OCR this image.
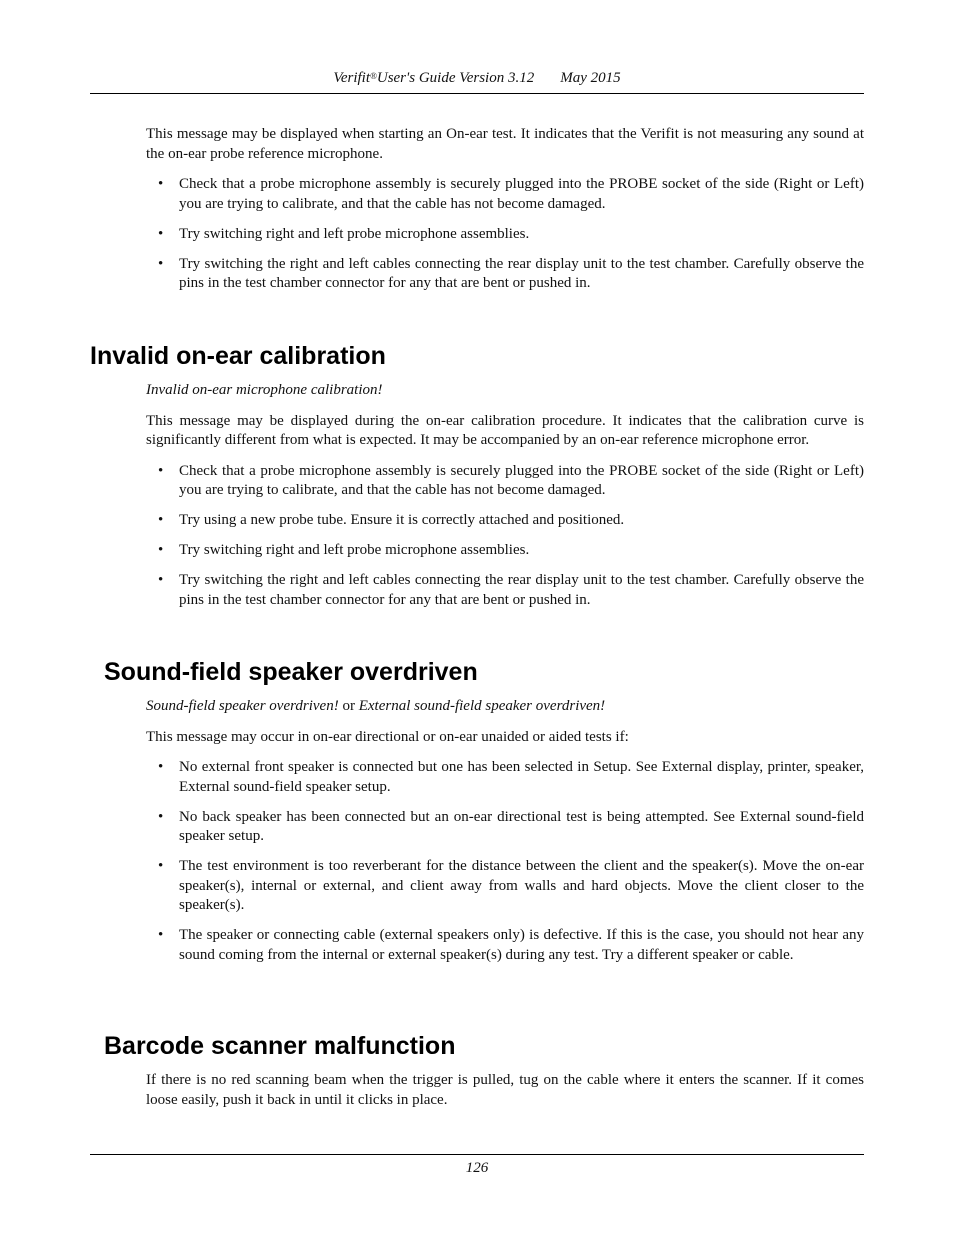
Verifit®User's Guide Version 3.12 May 2015

This message may be displayed when starting an On-ear test. It indicates that the Verifit is not measuring any sound at the on-ear probe reference microphone.

• Check that a probe microphone assembly is securely plugged into the PROBE socket of the side (Right or Left) you are trying to calibrate, and that the cable has not become damaged.
• Try switching right and left probe microphone assemblies.
• Try switching the right and left cables connecting the rear display unit to the test chamber. Carefully observe the pins in the test chamber connector for any that are bent or pushed in.
Invalid on-ear calibration

Invalid on-ear microphone calibration!

This message may be displayed during the on-ear calibration procedure. It indicates that the calibration curve is significantly different from what is expected. It may be accompanied by an on-ear reference microphone error.

• Check that a probe microphone assembly is securely plugged into the PROBE socket of the side (Right or Left) you are trying to calibrate, and that the cable has not become damaged.
• Try using a new probe tube. Ensure it is correctly attached and positioned.
• Try switching right and left probe microphone assemblies.
• Try switching the right and left cables connecting the rear display unit to the test chamber. Carefully observe the pins in the test chamber connector for any that are bent or pushed in.
Sound-field speaker overdriven

Sound-field speaker overdriven! or External sound-field speaker overdriven!

This message may occur in on-ear directional or on-ear unaided or aided tests if:

• No external front speaker is connected but one has been selected in Setup. See External display, printer, speaker, External sound-field speaker setup.
• No back speaker has been connected but an on-ear directional test is being attempted. See External sound-field speaker setup.
• The test environment is too reverberant for the distance between the client and the speaker(s). Move the on-ear speaker(s), internal or external, and client away from walls and hard objects. Move the client closer to the speaker(s).
• The speaker or connecting cable (external speakers only) is defective. If this is the case, you should not hear any sound coming from the internal or external speaker(s) during any test. Try a different speaker or cable.
Barcode scanner malfunction

If there is no red scanning beam when the trigger is pulled, tug on the cable where it enters the scanner. If it comes loose easily, push it back in until it clicks in place.

126
